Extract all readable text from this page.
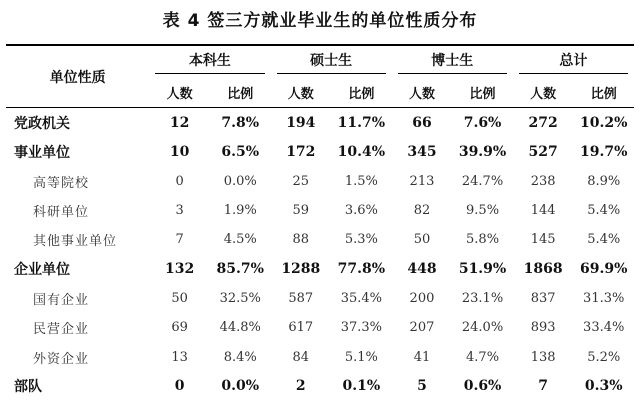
表 4 签三方就业毕业生的单位性质分布
单位性质	本科生		硕士生		博士生		总计	

	人数	比例	人数	比例	人数	比例	人数	比例
党政机关	12	7.8%	194	11.7%	66	7.6%	272	10.2%
事业单位	10	6.5%	172	10.4%	345	39.9%	527	19.7%
高等院校	0	0.0%	25	1.5%	213	24.7%	238	8.9%
科研单位	3	1.9%	59	3.6%	82	9.5%	144	5.4%
其他事业单位	7	4.5%	88	5.3%	50	5.8%	145	5.4%
企业单位	132	85.7%	1288	77.8%	448	51.9%	1868	69.9%
国有企业	50	32.5%	587	35.4%	200	23.1%	837	31.3%
民营企业	69	44.8%	617	37.3%	207	24.0%	893	33.4%
外资企业	13	8.4%	84	5.1%	41	4.7%	138	5.2%
部队	0	0.0%	2	0.1%	5	0.6%	7	0.3%
